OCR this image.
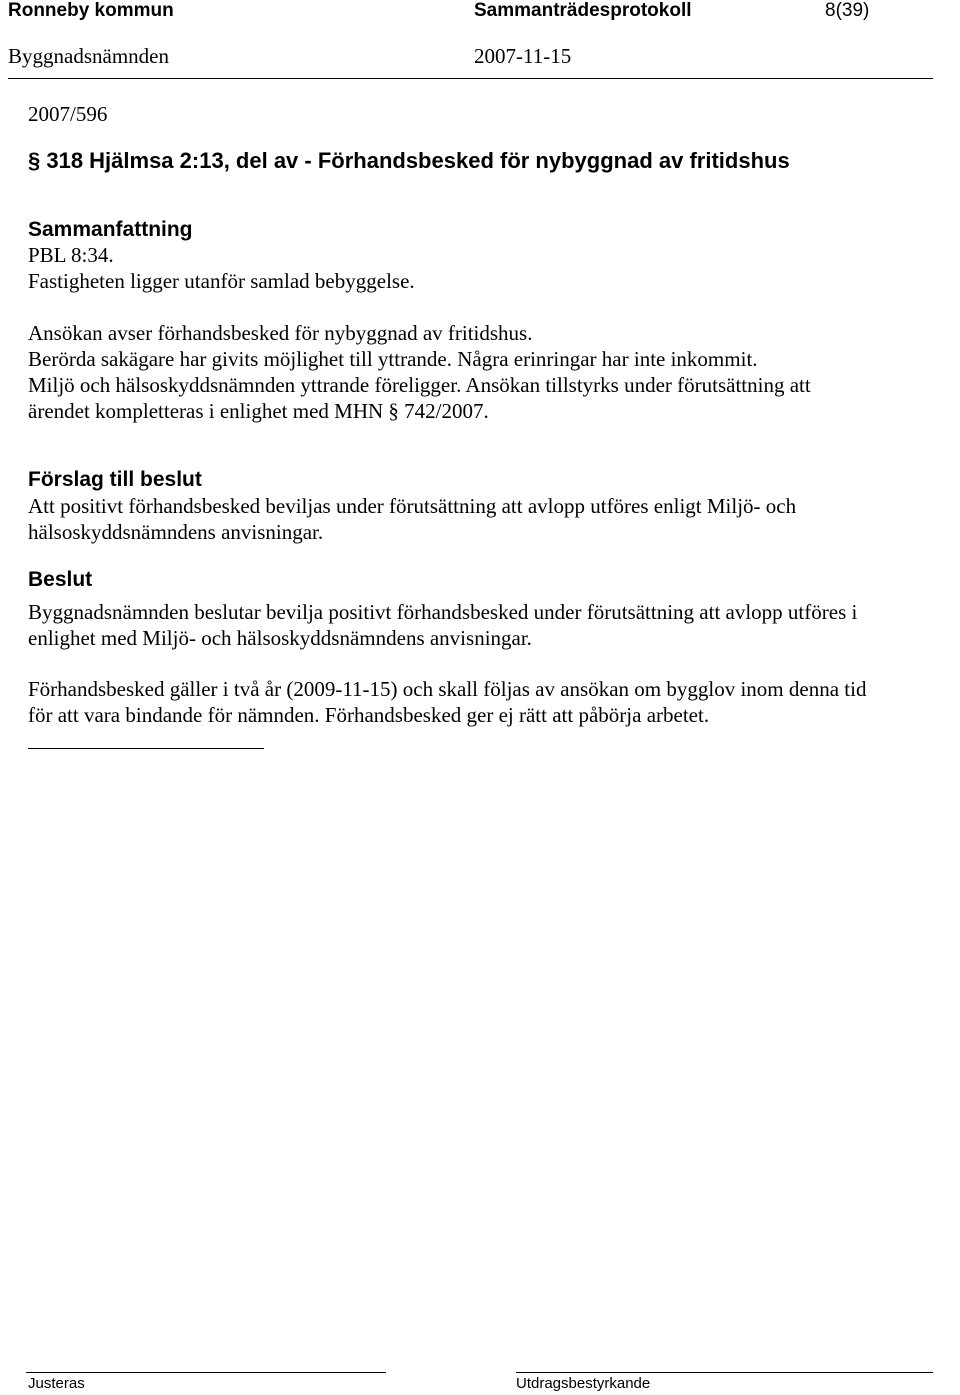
Ronneby kommun	Sammanträdesprotokoll	8(39)
Byggnadsnämnden	2007-11-15
2007/596
§ 318 Hjälmsa 2:13, del av - Förhandsbesked för nybyggnad av fritidshus
Sammanfattning
PBL 8:34.
Fastigheten ligger utanför samlad bebyggelse.
Ansökan avser förhandsbesked för nybyggnad av fritidshus.
Berörda sakägare har givits möjlighet till yttrande. Några erinringar har inte inkommit.
Miljö och hälsoskyddsnämnden yttrande föreligger. Ansökan tillstyrks under förutsättning att
ärendet kompletteras i enlighet med MHN § 742/2007.
Förslag till beslut
Att positivt förhandsbesked beviljas under förutsättning att avlopp utföres enligt Miljö- och
hälsoskyddsnämndens anvisningar.
Beslut
Byggnadsnämnden beslutar bevilja positivt förhandsbesked under förutsättning att avlopp utföres i
enlighet med Miljö- och hälsoskyddsnämndens anvisningar.
Förhandsbesked gäller i två år (2009-11-15) och skall följas av ansökan om bygglov inom denna tid
för att vara bindande för nämnden. Förhandsbesked ger ej rätt att påbörja arbetet.
Justeras	Utdragsbestyrkande
